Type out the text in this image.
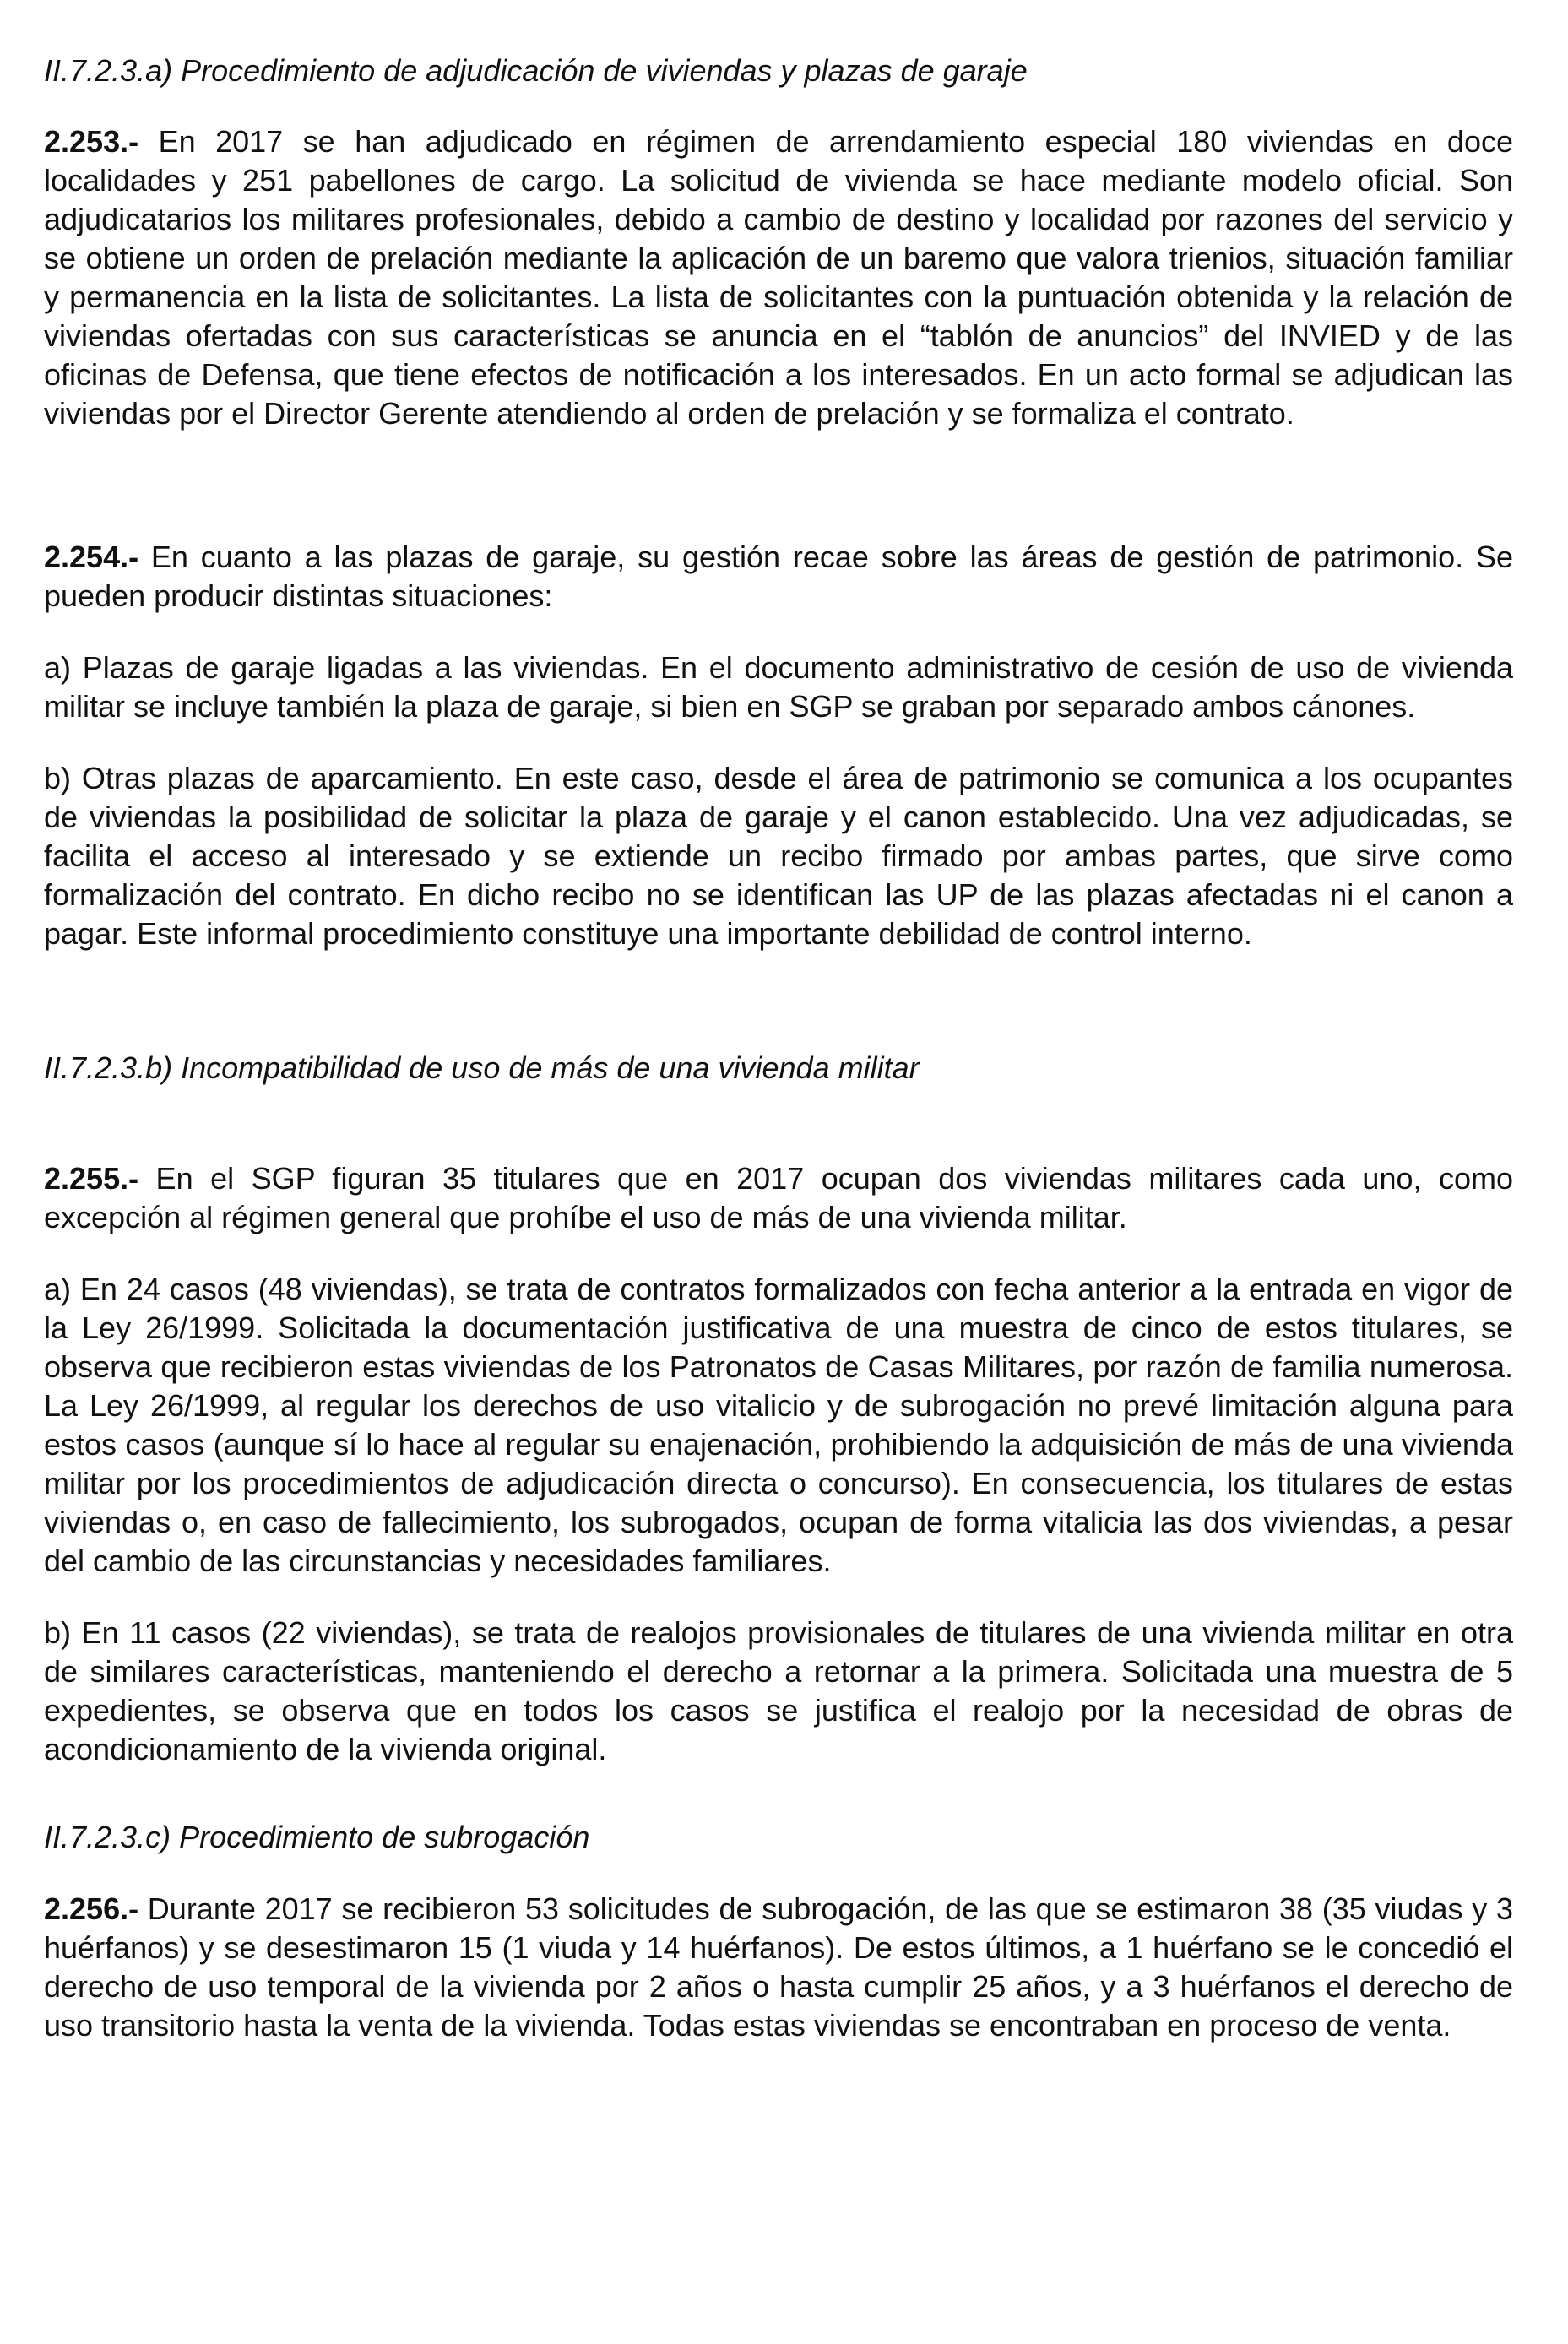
II.7.2.3.a) Procedimiento de adjudicación de viviendas y plazas de garaje

2.253.- En 2017 se han adjudicado en régimen de arrendamiento especial 180 viviendas en doce localidades y 251 pabellones de cargo. La solicitud de vivienda se hace mediante modelo oficial. Son adjudicatarios los militares profesionales, debido a cambio de destino y localidad por razones del servicio y se obtiene un orden de prelación mediante la aplicación de un baremo que valora trienios, situación familiar y permanencia en la lista de solicitantes. La lista de solicitantes con la puntuación obtenida y la relación de viviendas ofertadas con sus características se anuncia en el “tablón de anuncios” del INVIED y de las oficinas de Defensa, que tiene efectos de notificación a los interesados. En un acto formal se adjudican las viviendas por el Director Gerente atendiendo al orden de prelación y se formaliza el contrato.

2.254.- En cuanto a las plazas de garaje, su gestión recae sobre las áreas de gestión de patrimonio. Se pueden producir distintas situaciones:

a) Plazas de garaje ligadas a las viviendas. En el documento administrativo de cesión de uso de vivienda militar se incluye también la plaza de garaje, si bien en SGP se graban por separado ambos cánones.

b) Otras plazas de aparcamiento. En este caso, desde el área de patrimonio se comunica a los ocupantes de viviendas la posibilidad de solicitar la plaza de garaje y el canon establecido. Una vez adjudicadas, se facilita el acceso al interesado y se extiende un recibo firmado por ambas partes, que sirve como formalización del contrato. En dicho recibo no se identifican las UP de las plazas afectadas ni el canon a pagar. Este informal procedimiento constituye una importante debilidad de control interno.

II.7.2.3.b) Incompatibilidad de uso de más de una vivienda militar

2.255.- En el SGP figuran 35 titulares que en 2017 ocupan dos viviendas militares cada uno, como excepción al régimen general que prohíbe el uso de más de una vivienda militar.

a) En 24 casos (48 viviendas), se trata de contratos formalizados con fecha anterior a la entrada en vigor de la Ley 26/1999. Solicitada la documentación justificativa de una muestra de cinco de estos titulares, se observa que recibieron estas viviendas de los Patronatos de Casas Militares, por razón de familia numerosa. La Ley 26/1999, al regular los derechos de uso vitalicio y de subrogación no prevé limitación alguna para estos casos (aunque sí lo hace al regular su enajenación, prohibiendo la adquisición de más de una vivienda militar por los procedimientos de adjudicación directa o concurso). En consecuencia, los titulares de estas viviendas o, en caso de fallecimiento, los subrogados, ocupan de forma vitalicia las dos viviendas, a pesar del cambio de las circunstancias y necesidades familiares.

b) En 11 casos (22 viviendas), se trata de realojos provisionales de titulares de una vivienda militar en otra de similares características, manteniendo el derecho a retornar a la primera. Solicitada una muestra de 5 expedientes, se observa que en todos los casos se justifica el realojo por la necesidad de obras de acondicionamiento de la vivienda original.

II.7.2.3.c) Procedimiento de subrogación

2.256.- Durante 2017 se recibieron 53 solicitudes de subrogación, de las que se estimaron 38 (35 viudas y 3 huérfanos) y se desestimaron 15 (1 viuda y 14 huérfanos). De estos últimos, a 1 huérfano se le concedió el derecho de uso temporal de la vivienda por 2 años o hasta cumplir 25 años, y a 3 huérfanos el derecho de uso transitorio hasta la venta de la vivienda. Todas estas viviendas se encontraban en proceso de venta.
